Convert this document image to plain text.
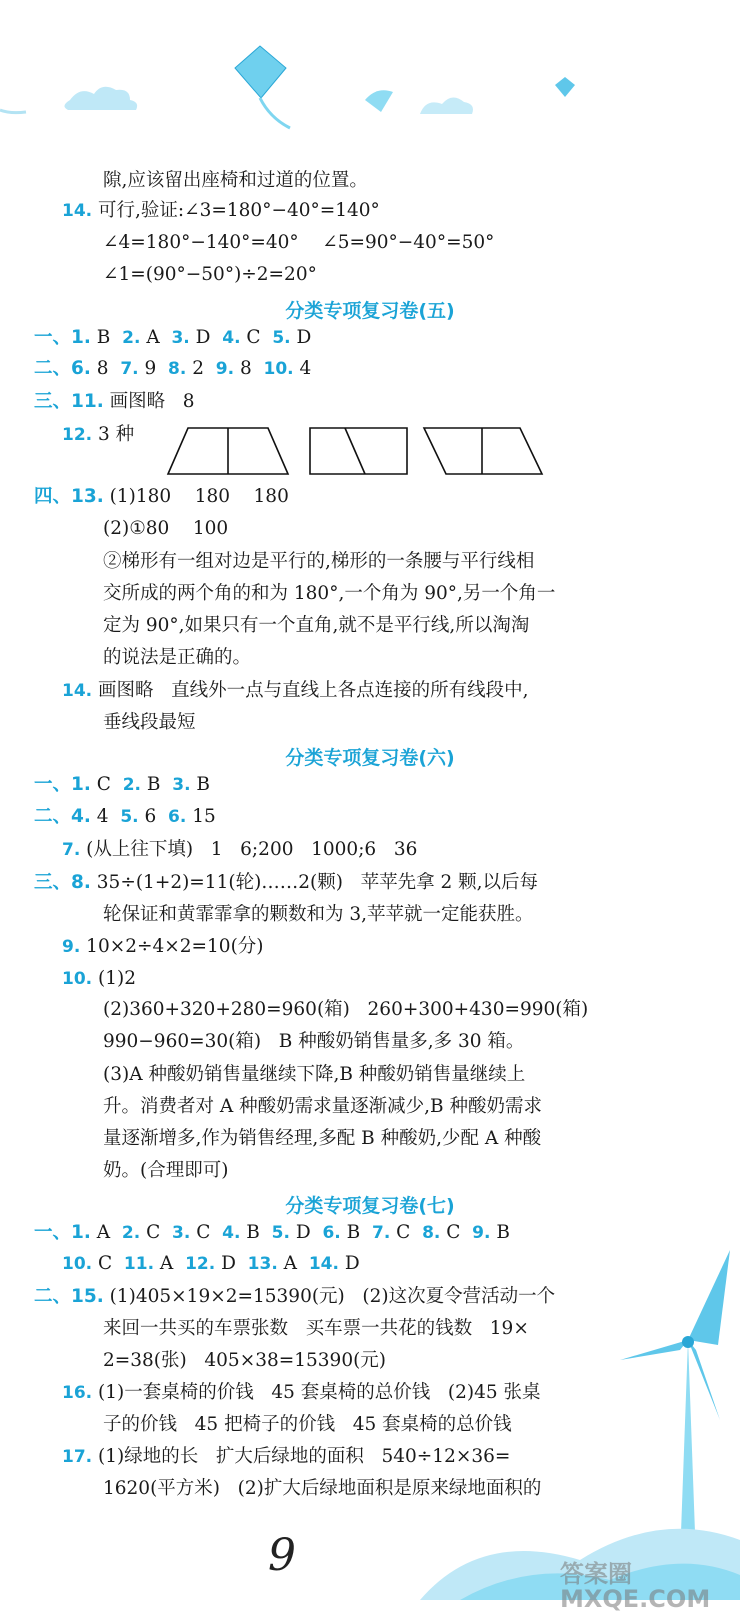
分类专项复习卷(五)
分类专项复习卷(六)
分类专项复习卷(七)
隙,应该留出座椅和过道的位置。
14. 可行,验证:∠3=180°−40°=140°
∠4=180°−140°=40°    ∠5=90°−40°=50°
∠1=(90°−50°)÷2=20°
一、1. B  2. A  3. D  4. C  5. D
二、6. 8  7. 9  8. 2  9. 8  10. 4
三、11. 画图略   8
12. 3 种
四、13. (1)180    180    180
(2)①80    100
②梯形有一组对边是平行的,梯形的一条腰与平行线相
交所成的两个角的和为 180°,一个角为 90°,另一个角一
定为 90°,如果只有一个直角,就不是平行线,所以淘淘
的说法是正确的。
14. 画图略   直线外一点与直线上各点连接的所有线段中,
垂线段最短
一、1. C  2. B  3. B
二、4. 4  5. 6  6. 15
7. (从上往下填)   1   6;200   1000;6   36
三、8. 35÷(1+2)=11(轮)……2(颗)   苹苹先拿 2 颗,以后每
轮保证和黄霏霏拿的颗数和为 3,苹苹就一定能获胜。
9. 10×2÷4×2=10(分)
10. (1)2
(2)360+320+280=960(箱)   260+300+430=990(箱)
990−960=30(箱)   B 种酸奶销售量多,多 30 箱。
(3)A 种酸奶销售量继续下降,B 种酸奶销售量继续上
升。消费者对 A 种酸奶需求量逐渐减少,B 种酸奶需求
量逐渐增多,作为销售经理,多配 B 种酸奶,少配 A 种酸
奶。(合理即可)
一、1. A  2. C  3. C  4. B  5. D  6. B  7. C  8. C  9. B
10. C  11. A  12. D  13. A  14. D
二、15. (1)405×19×2=15390(元)   (2)这次夏令营活动一个
来回一共买的车票张数   买车票一共花的钱数   19×
2=38(张)   405×38=15390(元)
16. (1)一套桌椅的价钱   45 套桌椅的总价钱   (2)45 张桌
子的价钱   45 把椅子的价钱   45 套桌椅的总价钱
17. (1)绿地的长   扩大后绿地的面积   540÷12×36=
1620(平方米)   (2)扩大后绿地面积是原来绿地面积的
9	答案圈
MXQE.COM
